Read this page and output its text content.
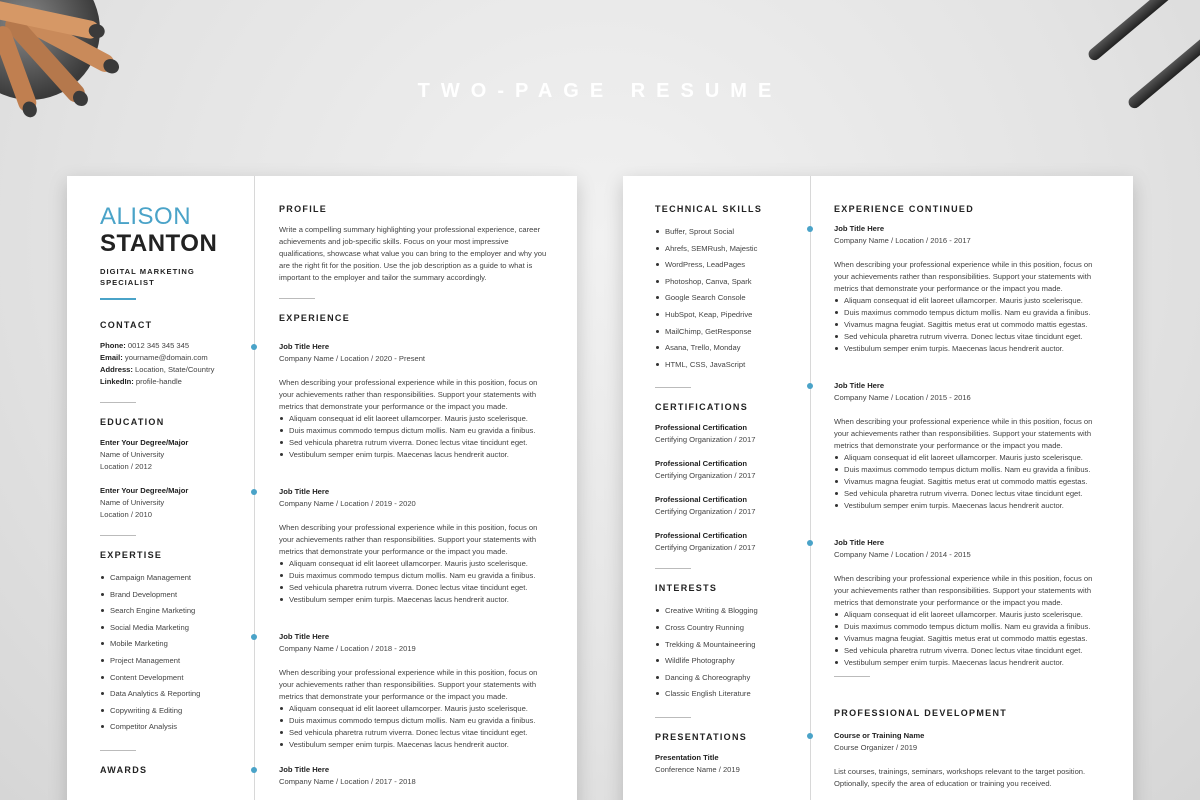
TWO-PAGE RESUME
ALISON
STANTON
DIGITAL MARKETING SPECIALIST
CONTACT
Phone: 0012 345 345 345
Email: yourname@domain.com
Address: Location, State/Country
LinkedIn: profile-handle
EDUCATION
Enter Your Degree/Major
Name of University
Location / 2012
Enter Your Degree/Major
Name of University
Location / 2010
EXPERTISE
Campaign Management
Brand Development
Search Engine Marketing
Social Media Marketing
Mobile Marketing
Project Management
Content Development
Data Analytics & Reporting
Copywriting & Editing
Competitor Analysis
AWARDS
PROFILE
Write a compelling summary highlighting your professional experience, career achievements and job-specific skills. Focus on your most impressive qualifications, showcase what value you can bring to the employer and why you are the right fit for the position. Use the job description as a guide to what is important to the employer and tailor the summary accordingly.
EXPERIENCE
Job Title Here
Company Name / Location / 2020 - Present
When describing your professional experience while in this position, focus on your achievements rather than responsibilities. Support your statements with metrics that demonstrate your performance or the impact you made.
Aliquam consequat id elit laoreet ullamcorper. Mauris justo scelerisque.
Duis maximus commodo tempus dictum mollis. Nam eu gravida a finibus.
Sed vehicula pharetra rutrum viverra. Donec lectus vitae tincidunt eget.
Vestibulum semper enim turpis. Maecenas lacus hendrerit auctor.
Job Title Here
Company Name / Location / 2019 - 2020
When describing your professional experience while in this position, focus on your achievements rather than responsibilities. Support your statements with metrics that demonstrate your performance or the impact you made.
Aliquam consequat id elit laoreet ullamcorper. Mauris justo scelerisque.
Duis maximus commodo tempus dictum mollis. Nam eu gravida a finibus.
Sed vehicula pharetra rutrum viverra. Donec lectus vitae tincidunt eget.
Vestibulum semper enim turpis. Maecenas lacus hendrerit auctor.
Job Title Here
Company Name / Location / 2018 - 2019
When describing your professional experience while in this position, focus on your achievements rather than responsibilities. Support your statements with metrics that demonstrate your performance or the impact you made.
Aliquam consequat id elit laoreet ullamcorper. Mauris justo scelerisque.
Duis maximus commodo tempus dictum mollis. Nam eu gravida a finibus.
Sed vehicula pharetra rutrum viverra. Donec lectus vitae tincidunt eget.
Vestibulum semper enim turpis. Maecenas lacus hendrerit auctor.
Job Title Here
Company Name / Location / 2017 - 2018
TECHNICAL SKILLS
Buffer, Sprout Social
Ahrefs, SEMRush, Majestic
WordPress, LeadPages
Photoshop, Canva, Spark
Google Search Console
HubSpot, Keap, Pipedrive
MailChimp, GetResponse
Asana, Trello, Monday
HTML, CSS, JavaScript
CERTIFICATIONS
Professional Certification
Certifying Organization / 2017
Professional Certification
Certifying Organization / 2017
Professional Certification
Certifying Organization / 2017
Professional Certification
Certifying Organization / 2017
INTERESTS
Creative Writing & Blogging
Cross Country Running
Trekking & Mountaineering
Wildlife Photography
Dancing & Choreography
Classic English Literature
PRESENTATIONS
Presentation Title
Conference Name / 2019
EXPERIENCE CONTINUED
Job Title Here
Company Name / Location / 2016 - 2017
When describing your professional experience while in this position, focus on your achievements rather than responsibilities. Support your statements with metrics that demonstrate your performance or the impact you made.
Aliquam consequat id elit laoreet ullamcorper. Mauris justo scelerisque.
Duis maximus commodo tempus dictum mollis. Nam eu gravida a finibus.
Vivamus magna feugiat. Sagittis metus erat ut commodo mattis egestas.
Sed vehicula pharetra rutrum viverra. Donec lectus vitae tincidunt eget.
Vestibulum semper enim turpis. Maecenas lacus hendrerit auctor.
Job Title Here
Company Name / Location / 2015 - 2016
When describing your professional experience while in this position, focus on your achievements rather than responsibilities. Support your statements with metrics that demonstrate your performance or the impact you made.
Aliquam consequat id elit laoreet ullamcorper. Mauris justo scelerisque.
Duis maximus commodo tempus dictum mollis. Nam eu gravida a finibus.
Vivamus magna feugiat. Sagittis metus erat ut commodo mattis egestas.
Sed vehicula pharetra rutrum viverra. Donec lectus vitae tincidunt eget.
Vestibulum semper enim turpis. Maecenas lacus hendrerit auctor.
Job Title Here
Company Name / Location / 2014 - 2015
When describing your professional experience while in this position, focus on your achievements rather than responsibilities. Support your statements with metrics that demonstrate your performance or the impact you made.
Aliquam consequat id elit laoreet ullamcorper. Mauris justo scelerisque.
Duis maximus commodo tempus dictum mollis. Nam eu gravida a finibus.
Vivamus magna feugiat. Sagittis metus erat ut commodo mattis egestas.
Sed vehicula pharetra rutrum viverra. Donec lectus vitae tincidunt eget.
Vestibulum semper enim turpis. Maecenas lacus hendrerit auctor.
PROFESSIONAL DEVELOPMENT
Course or Training Name
Course Organizer / 2019
List courses, trainings, seminars, workshops relevant to the target position. Optionally, specify the area of education or training you received.
